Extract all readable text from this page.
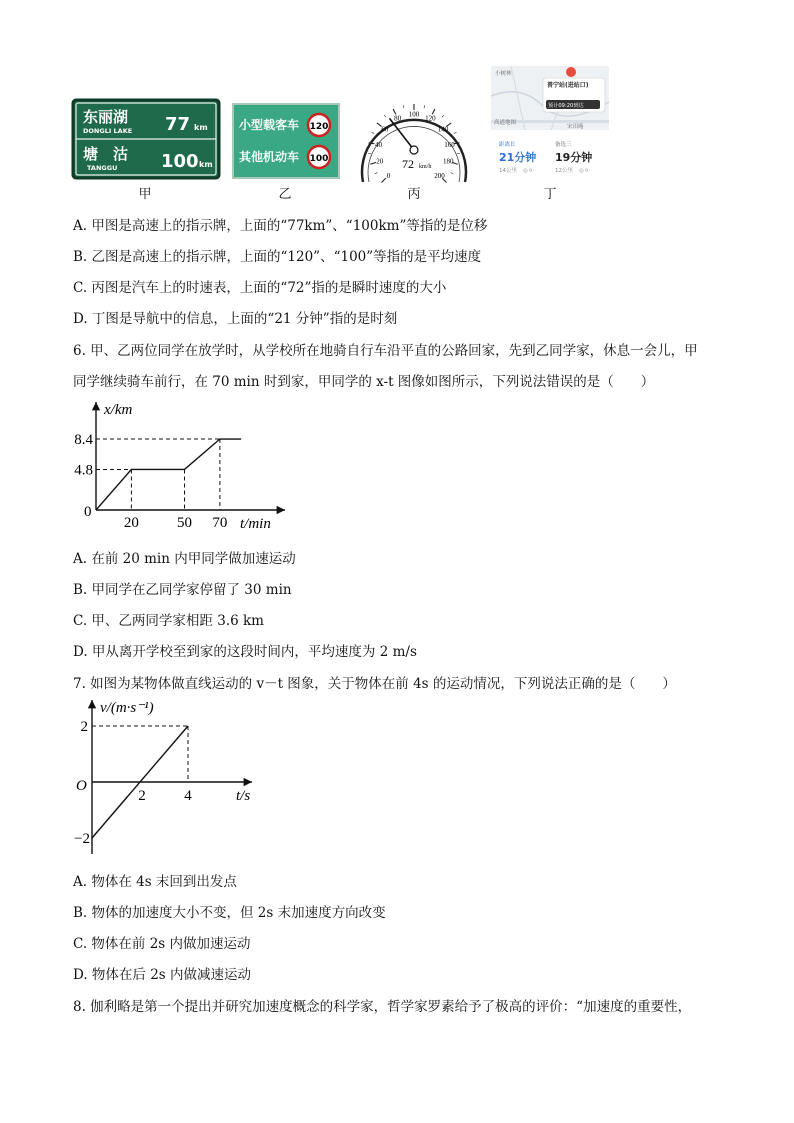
东丽湖
DONGLI LAKE 77 km
塘　沽
TANGGU 100 km
甲
小型载客车 120
其他机动车 100
乙
0
20
40
60
80 100 120
140
160
180
200
72 km/h
丙
小树林
高道地图
宋田庵
普宁站(进站口)
预计09:20到达
距离长
21分钟
14公里 ◎ 9
备选三
19分钟
12公里 ◎ 9
丁
A. 甲图是高速上的指示牌，上面的“77km”、“100km”等指的是位移
B. 乙图是高速上的指示牌，上面的“120”、“100”等指的是平均速度
C. 丙图是汽车上的时速表，上面的“72”指的是瞬时速度的大小
D. 丁图是导航中的信息，上面的“21 分钟”指的是时刻
6. 甲、乙两位同学在放学时，从学校所在地骑自行车沿平直的公路回家，先到乙同学家，休息一会儿，甲
同学继续骑车前行，在 70 min 时到家，甲同学的 x-t 图像如图所示，下列说法错误的是（　　）
x/km
t/min
0
20	50 70
4.8
8.4
A. 在前 20 min 内甲同学做加速运动
B. 甲同学在乙同学家停留了 30 min
C. 甲、乙两同学家相距 3.6 km
D. 甲从离开学校至到家的这段时间内，平均速度为 2 m/s
7. 如图为某物体做直线运动的 v－t 图象，关于物体在前 4s 的运动情况，下列说法正确的是（　　）
v/(m·s⁻¹)
t/s
O
2	4
2
−2
A. 物体在 4s 末回到出发点
B. 物体的加速度大小不变，但 2s 末加速度方向改变
C. 物体在前 2s 内做加速运动
D. 物体在后 2s 内做减速运动
8. 伽利略是第一个提出并研究加速度概念的科学家，哲学家罗素给予了极高的评价：“加速度的重要性，
